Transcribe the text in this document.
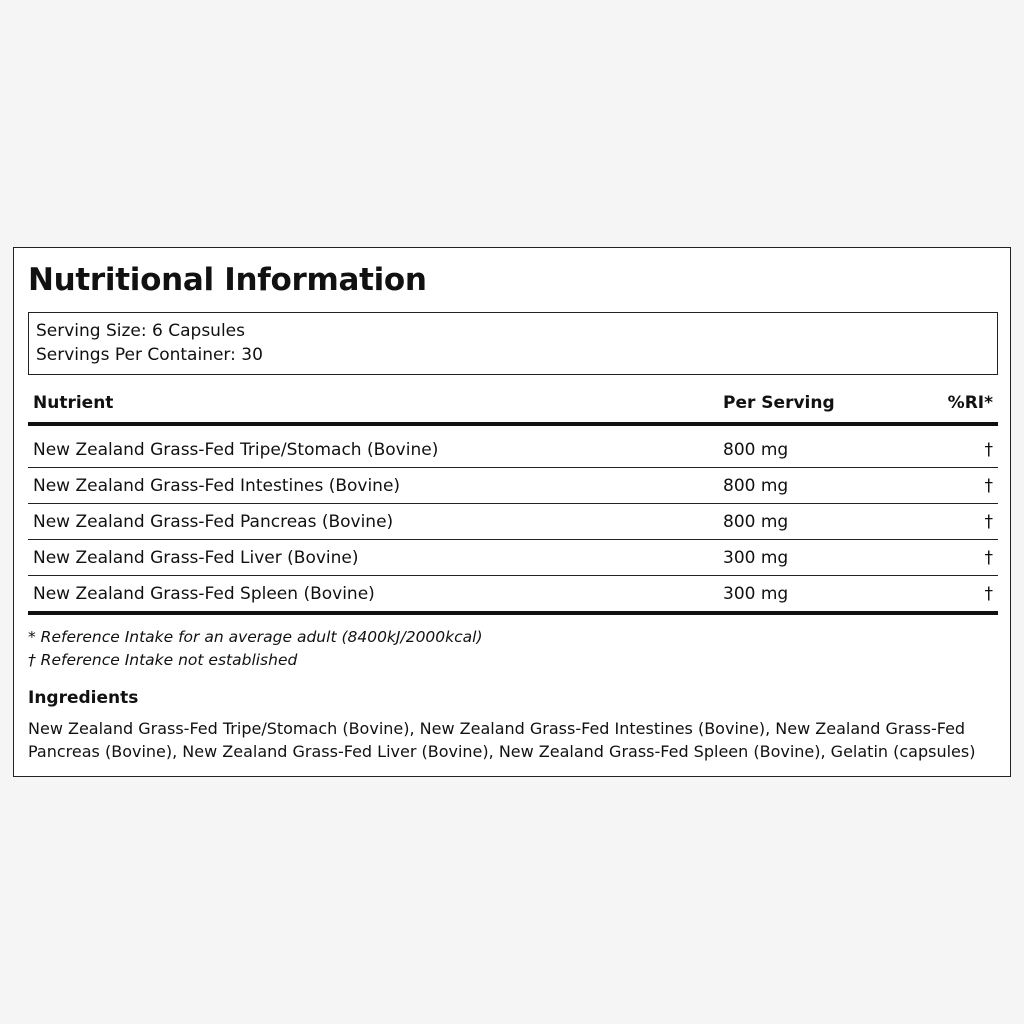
Nutritional Information
Serving Size: 6 Capsules
Servings Per Container: 30
Nutrient	Per Serving	%RI*
New Zealand Grass-Fed Tripe/Stomach (Bovine)	800 mg	†
New Zealand Grass-Fed Intestines (Bovine)	800 mg	†
New Zealand Grass-Fed Pancreas (Bovine)	800 mg	†
New Zealand Grass-Fed Liver (Bovine)	300 mg	†
New Zealand Grass-Fed Spleen (Bovine)	300 mg	†
* Reference Intake for an average adult (8400kJ/2000kcal)
† Reference Intake not established
Ingredients
New Zealand Grass-Fed Tripe/Stomach (Bovine), New Zealand Grass-Fed Intestines (Bovine), New Zealand Grass-Fed Pancreas (Bovine), New Zealand Grass-Fed Liver (Bovine), New Zealand Grass-Fed Spleen (Bovine), Gelatin (capsules)
